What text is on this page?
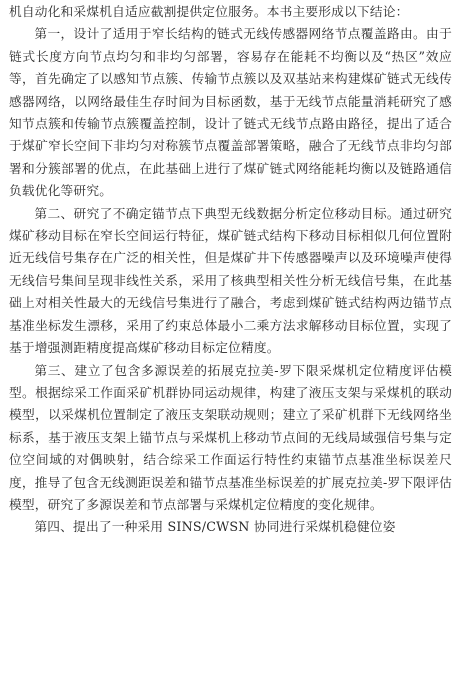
机自动化和采煤机自适应截割提供定位服务。本书主要形成以下结论：

第一，设计了适用于窄长结构的链式无线传感器网络节点覆盖路由。由于链式长度方向节点均匀和非均匀部署，容易存在能耗不均衡以及“热区”效应等，首先确定了以感知节点簇、传输节点簇以及双基站来构建煤矿链式无线传感器网络，以网络最佳生存时间为目标函数，基于无线节点能量消耗研究了感知节点簇和传输节点簇覆盖控制，设计了链式无线节点路由路径，提出了适合于煤矿窄长空间下非均匀对称簇节点覆盖部署策略，融合了无线节点非均匀部署和分簇部署的优点，在此基础上进行了煤矿链式网络能耗均衡以及链路通信负载优化等研究。

第二、研究了不确定锚节点下典型无线数据分析定位移动目标。通过研究煤矿移动目标在窄长空间运行特征，煤矿链式结构下移动目标相似几何位置附近无线信号集存在广泛的相关性，但是煤矿井下传感器噪声以及环境噪声使得无线信号集间呈现非线性关系，采用了核典型相关性分析无线信号集，在此基础上对相关性最大的无线信号集进行了融合，考虑到煤矿链式结构两边锚节点基准坐标发生漂移，采用了约束总体最小二乘方法求解移动目标位置，实现了基于增强测距精度提高煤矿移动目标定位精度。

第三、建立了包含多源误差的拓展克拉美-罗下限采煤机定位精度评估模型。根据综采工作面采矿机群协同运动规律，构建了液压支架与采煤机的联动模型，以采煤机位置制定了液压支架联动规则；建立了采矿机群下无线网络坐标系，基于液压支架上锚节点与采煤机上移动节点间的无线局域强信号集与定位空间域的对偶映射，结合综采工作面运行特性约束锚节点基准坐标误差尺度，推导了包含无线测距误差和锚节点基准坐标误差的扩展克拉美-罗下限评估模型，研究了多源误差和节点部署与采煤机定位精度的变化规律。

第四、提出了一种采用 SINS/CWSN 协同进行采煤机稳健位姿
